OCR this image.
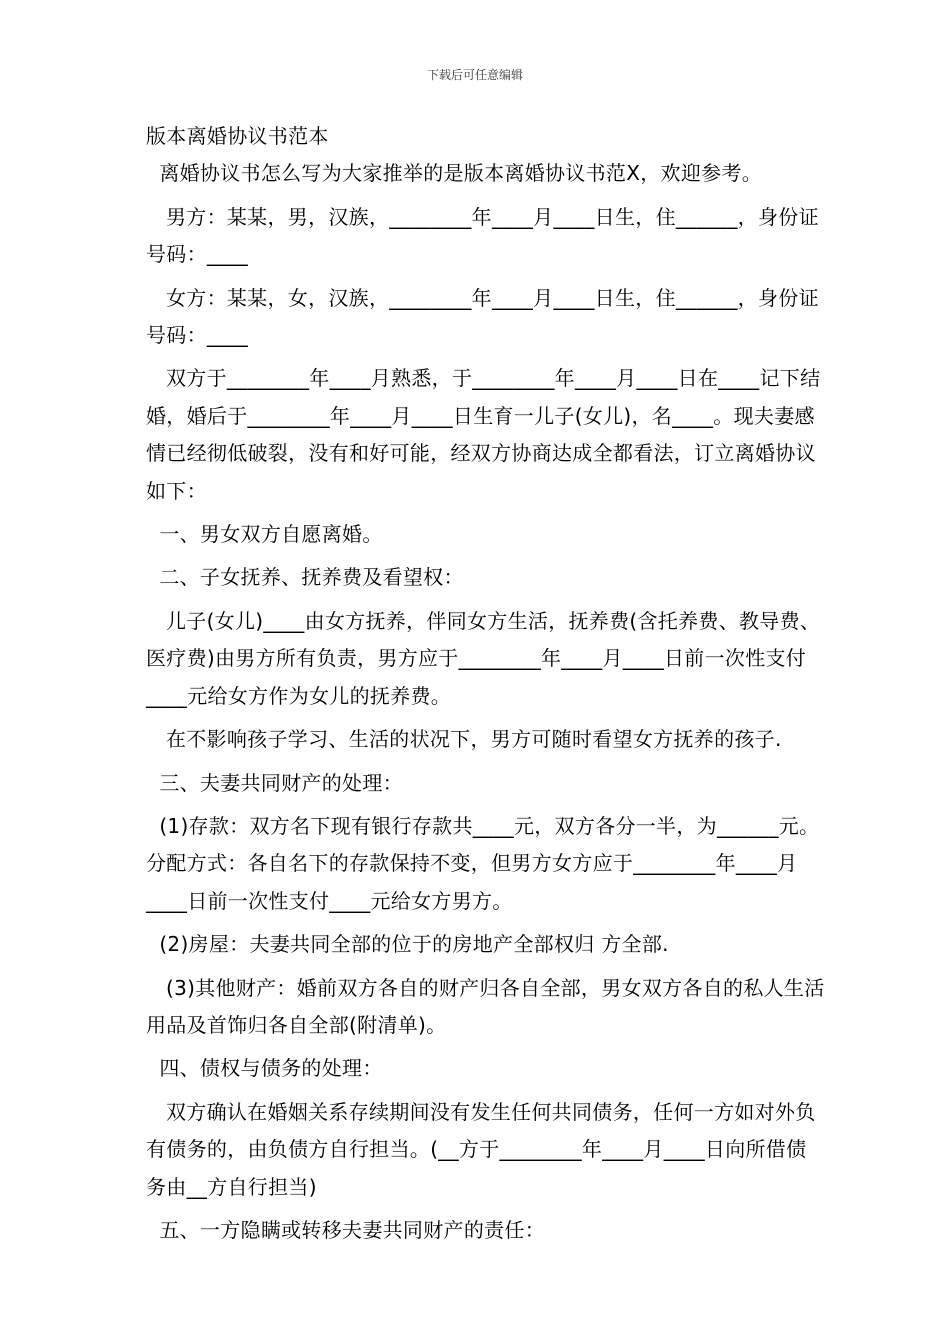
下载后可任意编辑

版本离婚协议书范本

离婚协议书怎么写为大家推举的是版本离婚协议书范X，欢迎参考。

男方：某某，男，汉族，________年____月____日生，住______，身份证号码：____

女方：某某，女，汉族，________年____月____日生，住______，身份证号码：____

双方于________年____月熟悉，于________年____月____日在____记下结婚，婚后于________年____月____日生育一儿子(女儿)，名____。现夫妻感情已经彻低破裂，没有和好可能，经双方协商达成全都看法，订立离婚协议如下：

一、男女双方自愿离婚。

二、子女抚养、抚养费及看望权：

儿子(女儿)____由女方抚养，伴同女方生活，抚养费(含托养费、教导费、医疗费)由男方所有负责，男方应于________年____月____日前一次性支付____元给女方作为女儿的抚养费。

在不影响孩子学习、生活的状况下，男方可随时看望女方抚养的孩子.

三、夫妻共同财产的处理：

(1)存款：双方名下现有银行存款共____元，双方各分一半，为______元。分配方式：各自名下的存款保持不变，但男方女方应于________年____月____日前一次性支付____元给女方男方。

(2)房屋：夫妻共同全部的位于的房地产全部权归 方全部.

(3)其他财产：婚前双方各自的财产归各自全部，男女双方各自的私人生活用品及首饰归各自全部(附清单)。

四、债权与债务的处理：

双方确认在婚姻关系存续期间没有发生任何共同债务，任何一方如对外负有债务的，由负债方自行担当。(__方于________年____月____日向所借债务由__方自行担当)

五、一方隐瞒或转移夫妻共同财产的责任：
